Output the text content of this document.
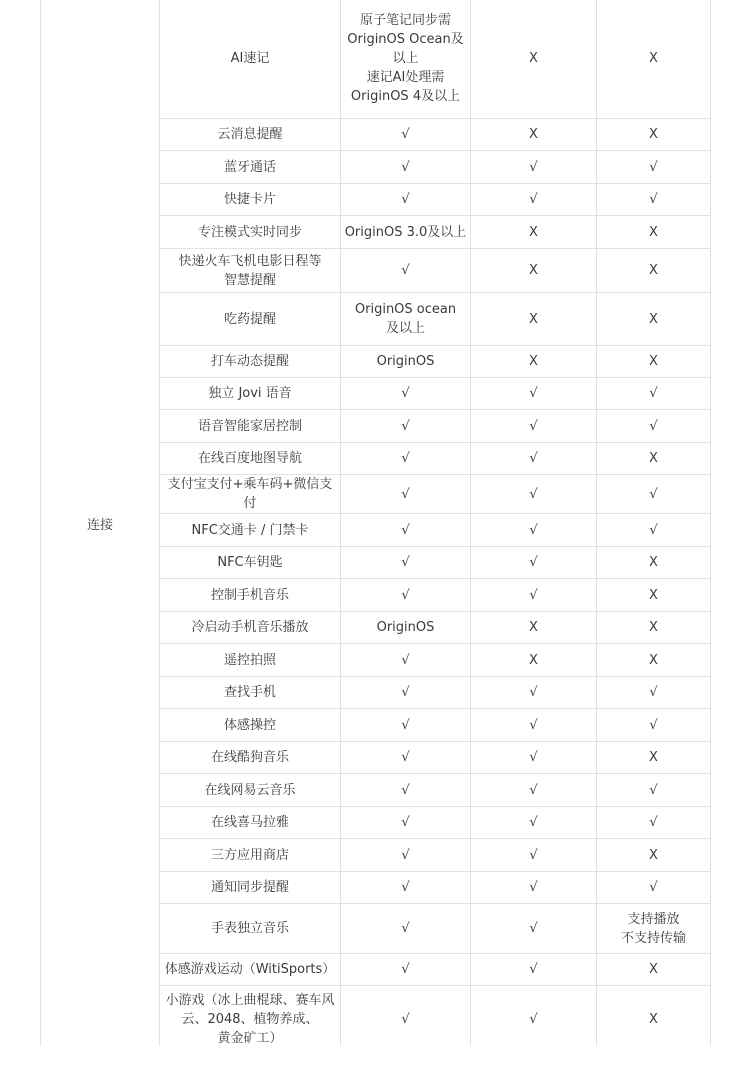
连接	AI速记	原子笔记同步需
OriginOS Ocean及
以上
速记AI处理需
OriginOS 4及以上	X	X
	云消息提醒	√	X	X
	蓝牙通话	√	√	√
	快捷卡片	√	√	√
	专注模式实时同步	OriginOS 3.0及以上	X	X
	快递火车飞机电影日程等
智慧提醒	√	X	X
	吃药提醒	OriginOS ocean
及以上	X	X
	打车动态提醒	OriginOS	X	X
	独立 Jovi 语音	√	√	√
	语音智能家居控制	√	√	√
	在线百度地图导航	√	√	X
	支付宝支付+乘车码+微信支付	√	√	√
	NFC交通卡 / 门禁卡	√	√	√
	NFC车钥匙	√	√	X
	控制手机音乐	√	√	X
	冷启动手机音乐播放	OriginOS	X	X
	遥控拍照	√	X	X
	查找手机	√	√	√
	体感操控	√	√	√
	在线酷狗音乐	√	√	X
	在线网易云音乐	√	√	√
	在线喜马拉雅	√	√	√
	三方应用商店	√	√	X
	通知同步提醒	√	√	√
	手表独立音乐	√	√	支持播放
不支持传输
	体感游戏运动（WitiSports）	√	√	X
	小游戏（冰上曲棍球、赛车风
云、2048、植物养成、
黄金矿工）	√	√	X
